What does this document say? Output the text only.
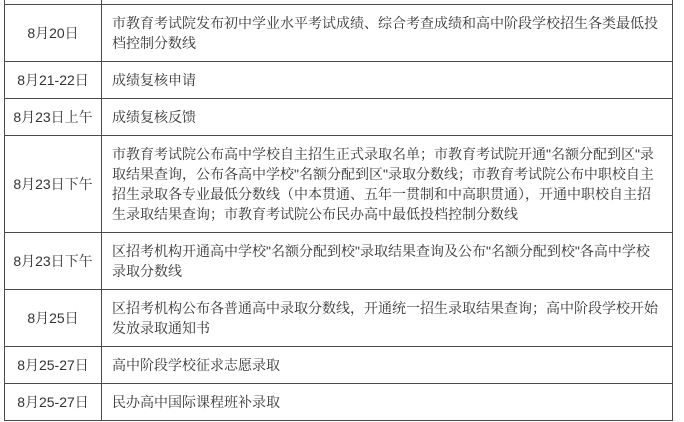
8月20日	市教育考试院发布初中学业水平考试成绩、综合考查成绩和高中阶段学校招生各类最低投档控制分数线
8月21-22日	成绩复核申请
8月23日上午	成绩复核反馈
8月23日下午	市教育考试院公布高中学校自主招生正式录取名单；市教育考试院开通"名额分配到区"录取结果查询，公布各高中学校"名额分配到区"录取分数线；市教育考试院公布中职校自主招生录取各专业最低分数线（中本贯通、五年一贯制和中高职贯通），开通中职校自主招生录取结果查询；市教育考试院公布民办高中最低投档控制分数线
8月23日下午	区招考机构开通高中学校"名额分配到校"录取结果查询及公布"名额分配到校"各高中学校录取分数线
8月25日	区招考机构公布各普通高中录取分数线，开通统一招生录取结果查询；高中阶段学校开始发放录取通知书
8月25-27日	高中阶段学校征求志愿录取
8月25-27日	民办高中国际课程班补录取
